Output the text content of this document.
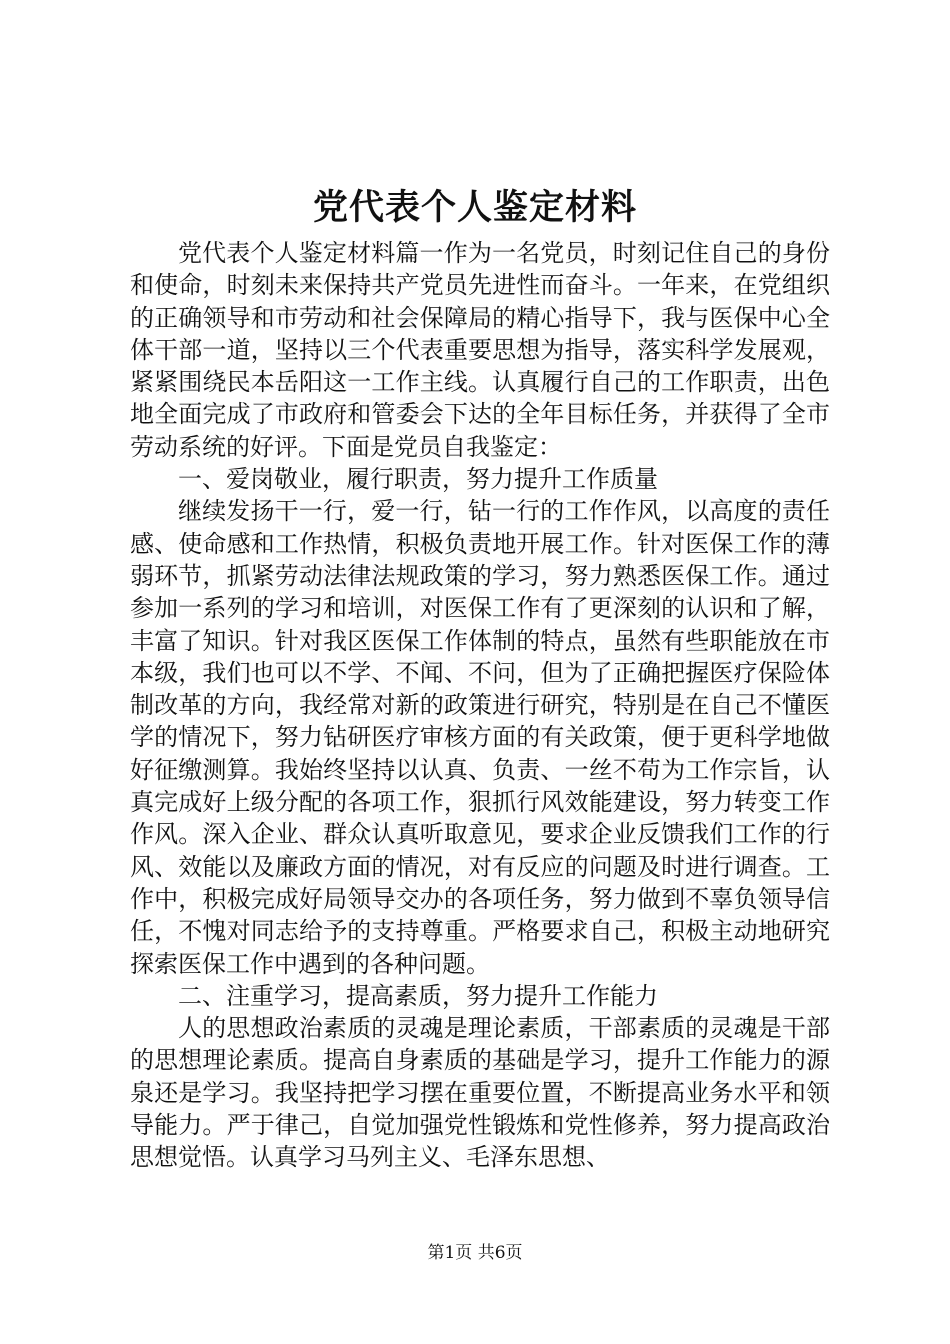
党代表个人鉴定材料

党代表个人鉴定材料篇一作为一名党员，时刻记住自己的身份和使命，时刻未来保持共产党员先进性而奋斗。一年来，在党组织的正确领导和市劳动和社会保障局的精心指导下，我与医保中心全体干部一道，坚持以三个代表重要思想为指导，落实科学发展观，紧紧围绕民本岳阳这一工作主线。认真履行自己的工作职责，出色地全面完成了市政府和管委会下达的全年目标任务，并获得了全市劳动系统的好评。下面是党员自我鉴定：

一、爱岗敬业，履行职责，努力提升工作质量

继续发扬干一行，爱一行，钻一行的工作作风，以高度的责任感、使命感和工作热情，积极负责地开展工作。针对医保工作的薄弱环节，抓紧劳动法律法规政策的学习，努力熟悉医保工作。通过参加一系列的学习和培训，对医保工作有了更深刻的认识和了解，丰富了知识。针对我区医保工作体制的特点，虽然有些职能放在市本级，我们也可以不学、不闻、不问，但为了正确把握医疗保险体制改革的方向，我经常对新的政策进行研究，特别是在自己不懂医学的情况下，努力钻研医疗审核方面的有关政策，便于更科学地做好征缴测算。我始终坚持以认真、负责、一丝不苟为工作宗旨，认真完成好上级分配的各项工作，狠抓行风效能建设，努力转变工作作风。深入企业、群众认真听取意见，要求企业反馈我们工作的行风、效能以及廉政方面的情况，对有反应的问题及时进行调查。工作中，积极完成好局领导交办的各项任务，努力做到不辜负领导信任，不愧对同志给予的支持尊重。严格要求自己，积极主动地研究探索医保工作中遇到的各种问题。

二、注重学习，提高素质，努力提升工作能力

人的思想政治素质的灵魂是理论素质，干部素质的灵魂是干部的思想理论素质。提高自身素质的基础是学习，提升工作能力的源泉还是学习。我坚持把学习摆在重要位置，不断提高业务水平和领导能力。严于律己，自觉加强党性锻炼和党性修养，努力提高政治思想觉悟。认真学习马列主义、毛泽东思想、

第1页 共6页
